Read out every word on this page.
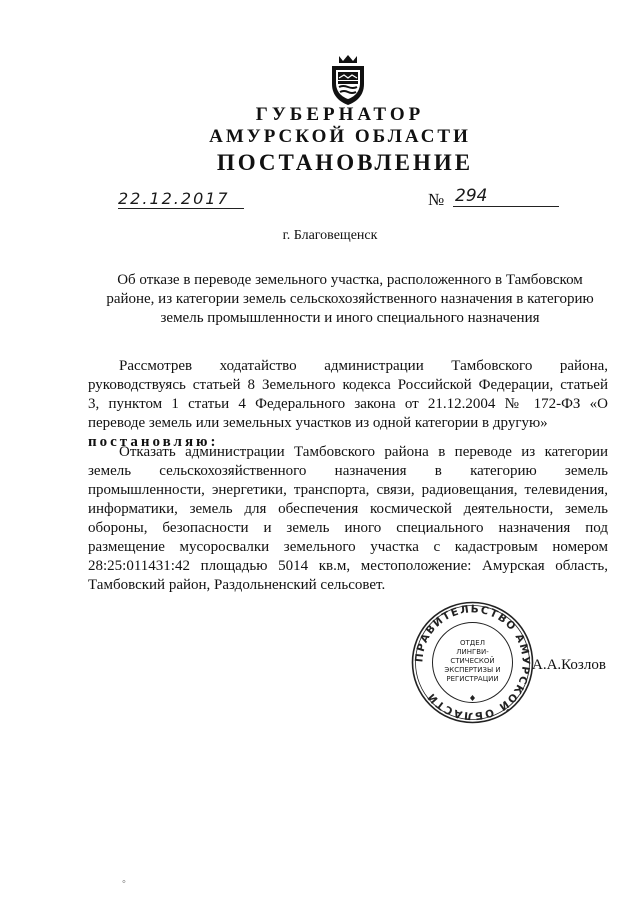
ГУБЕРНАТОР
АМУРСКОЙ ОБЛАСТИ
ПОСТАНОВЛЕНИЕ
22.12.2017	№ 294
г. Благовещенск
Об отказе в переводе земельного участка, расположенного в Тамбовском
районе, из категории земель сельскохозяйственного назначения в категорию
земель промышленности и иного специального назначения
Рассмотрев ходатайство администрации Тамбовского района,
руководствуясь статьей 8 Земельного кодекса Российской Федерации, статьей
3, пунктом 1 статьи 4 Федерального закона от 21.12.2004 № 172-ФЗ «О
переводе земель или земельных участков из одной категории в другую»
постановляю:
Отказать администрации Тамбовского района в переводе из категории
земель сельскохозяйственного назначения в категорию земель
промышленности, энергетики, транспорта, связи, радиовещания, телевидения,
информатики, земель для обеспечения космической деятельности, земель
обороны, безопасности и земель иного специального назначения под
размещение мусоросвалки земельного участка с кадастровым номером
28:25:011431:42 площадью 5014 кв.м, местоположение: Амурская область,
Тамбовский район, Раздольненский сельсовет.
ПРАВИТЕЛЬСТВО АМУРСКОЙ ОБЛАСТИ
ОТДЕЛ
ЛИНГВИ-
СТИЧЕСКОЙ
ЭКСПЕРТИЗЫ И
РЕГИСТРАЦИИ
А.А.Козлов
◦
